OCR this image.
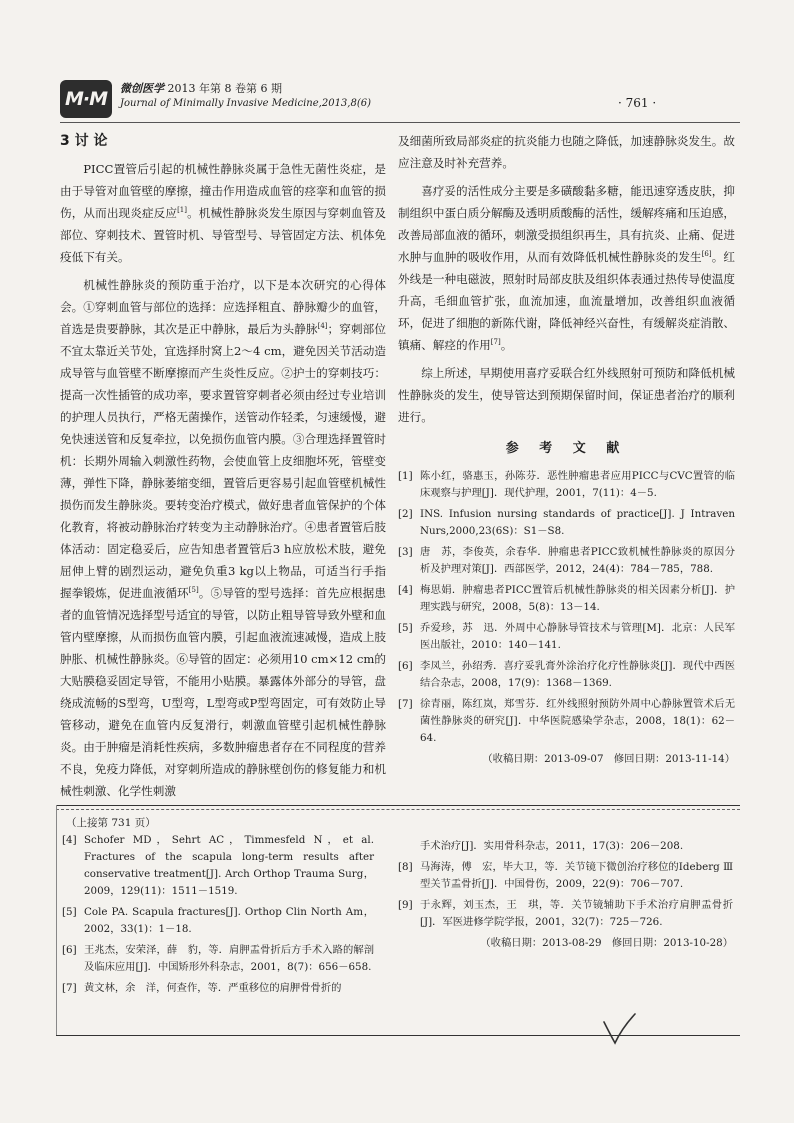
M·M	微创医学 2013 年第 8 卷第 6 期
Journal of Minimally Invasive Medicine,2013,8(6)	· 761 ·
3 讨 论

PICC置管后引起的机械性静脉炎属于急性无菌性炎症，是由于导管对血管壁的摩擦，撞击作用造成血管的痉挛和血管的损伤，从而出现炎症反应[1]。机械性静脉炎发生原因与穿刺血管及部位、穿刺技术、置管时机、导管型号、导管固定方法、机体免疫低下有关。

机械性静脉炎的预防重于治疗，以下是本次研究的心得体会。①穿刺血管与部位的选择：应选择粗直、静脉瓣少的血管，首选是贵要静脉，其次是正中静脉，最后为头静脉[4]；穿刺部位不宜太靠近关节处，宜选择肘窝上2～4 cm，避免因关节活动造成导管与血管壁不断摩擦而产生炎性反应。②护士的穿刺技巧：提高一次性插管的成功率，要求置管穿刺者必须由经过专业培训的护理人员执行，严格无菌操作，送管动作轻柔，匀速缓慢，避免快速送管和反复牵拉，以免损伤血管内膜。③合理选择置管时机：长期外周输入刺激性药物，会使血管上皮细胞坏死，管壁变薄，弹性下降，静脉萎缩变细，置管后更容易引起血管壁机械性损伤而发生静脉炎。要转变治疗模式，做好患者血管保护的个体化教育，将被动静脉治疗转变为主动静脉治疗。④患者置管后肢体活动：固定稳妥后，应告知患者置管后3 h应放松术肢，避免屈伸上臂的剧烈运动，避免负重3 kg以上物品，可适当行手指握拳锻炼，促进血液循环[5]。⑤导管的型号选择：首先应根据患者的血管情况选择型号适宜的导管，以防止粗导管导致外壁和血管内壁摩擦，从而损伤血管内膜，引起血液流速减慢，造成上肢肿胀、机械性静脉炎。⑥导管的固定：必须用10 cm×12 cm的大贴膜稳妥固定导管，不能用小贴膜。暴露体外部分的导管，盘绕成流畅的S型弯，U型弯，L型弯或P型弯固定，可有效防止导管移动，避免在血管内反复滑行，刺激血管壁引起机械性静脉炎。由于肿瘤是消耗性疾病，多数肿瘤患者存在不同程度的营养不良，免疫力降低，对穿刺所造成的静脉壁创伤的修复能力和机械性刺激、化学性刺激

及细菌所致局部炎症的抗炎能力也随之降低，加速静脉炎发生。故应注意及时补充营养。

喜疗妥的活性成分主要是多磺酸黏多糖，能迅速穿透皮肤，抑制组织中蛋白质分解酶及透明质酸酶的活性，缓解疼痛和压迫感，改善局部血液的循环，刺激受损组织再生，具有抗炎、止痛、促进水肿与血肿的吸收作用，从而有效降低机械性静脉炎的发生[6]。红外线是一种电磁波，照射时局部皮肤及组织体表通过热传导使温度升高，毛细血管扩张，血流加速，血流量增加，改善组织血液循环，促进了细胞的新陈代谢，降低神经兴奋性，有缓解炎症消散、镇痛、解痉的作用[7]。

综上所述，早期使用喜疗妥联合红外线照射可预防和降低机械性静脉炎的发生，使导管达到预期保留时间，保证患者治疗的顺利进行。

参 考 文 献
[1] 陈小红，骆惠玉，孙陈芬．恶性肿瘤患者应用PICC与CVC置管的临床观察与护理[J]．现代护理，2001，7(11)：4－5.
[2] INS. Infusion nursing standards of practice[J]. J Intraven Nurs,2000,23(6S)：S1－S8.
[3] 唐　苏，李俊英，余春华．肿瘤患者PICC致机械性静脉炎的原因分析及护理对策[J]．西部医学，2012，24(4)：784－785，788.
[4] 梅思娟．肿瘤患者PICC置管后机械性静脉炎的相关因素分析[J]．护理实践与研究，2008，5(8)：13－14.
[5] 乔爱珍，苏　迅．外周中心静脉导管技术与管理[M]．北京：人民军医出版社，2010：140－141.
[6] 李凤兰，孙绍秀．喜疗妥乳膏外涂治疗化疗性静脉炎[J]．现代中西医结合杂志，2008，17(9)：1368－1369.
[7] 徐青丽，陈红岚，郑雪芬．红外线照射预防外周中心静脉置管术后无菌性静脉炎的研究[J]．中华医院感染学杂志，2008，18(1)：62－64.
（收稿日期：2013-09-07　修回日期：2013-11-14）
（上接第 731 页）
[4] Schofer MD，Sehrt AC，Timmesfeld N，et al. Fractures of the scapula long-term results after conservative treatment[J]. Arch Orthop Trauma Surg，2009，129(11)：1511－1519.
[5] Cole PA. Scapula fractures[J]. Orthop Clin North Am，2002，33(1)：1－18.
[6] 王兆杰，安荣泽，薛　豹，等．肩胛盂骨折后方手术入路的解剖及临床应用[J]．中国矫形外科杂志，2001，8(7)：656－658.
[7] 黄文林，余　洋，何查作，等．严重移位的肩胛骨骨折的
手术治疗[J]．实用骨科杂志，2011，17(3)：206－208.
[8] 马海涛，傅　宏，毕大卫，等．关节镜下微创治疗移位的Ideberg Ⅲ型关节盂骨折[J]．中国骨伤，2009，22(9)：706－707.
[9] 于永辉，刘玉杰，王　琪，等．关节镜辅助下手术治疗肩胛盂骨折[J]．军医进修学院学报，2001，32(7)：725－726.
（收稿日期：2013-08-29　修回日期：2013-10-28）
